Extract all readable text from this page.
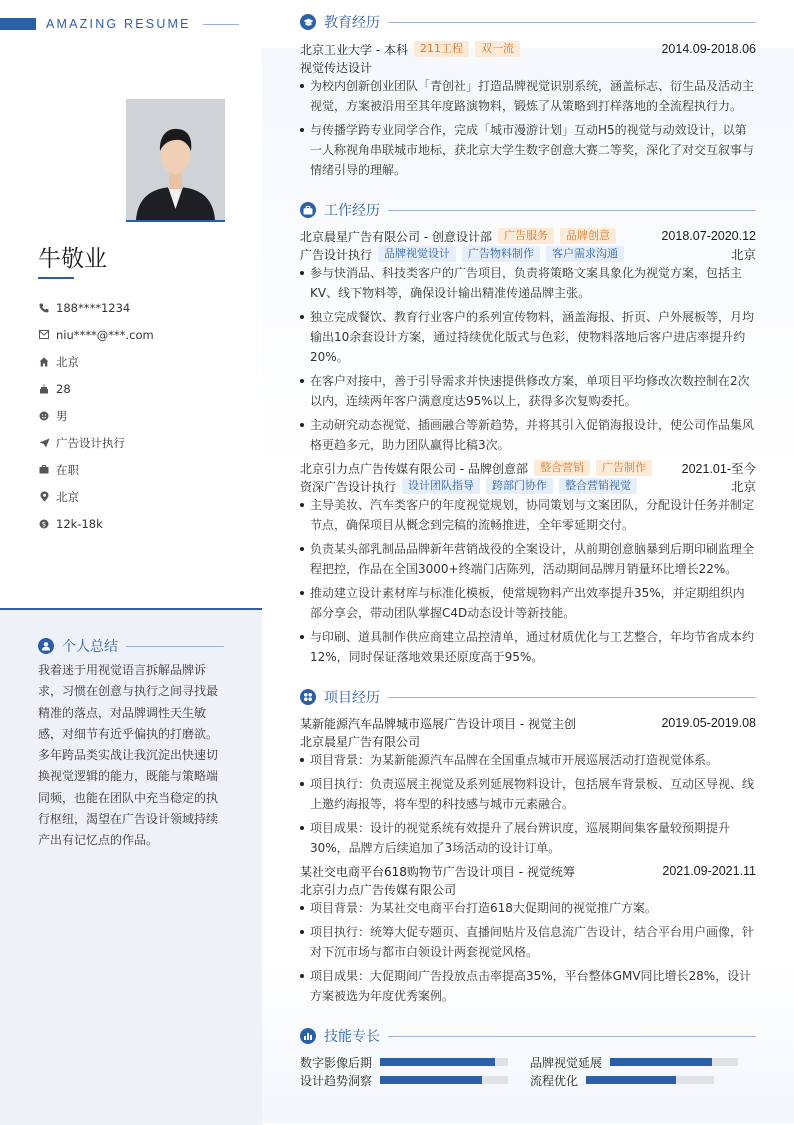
AMAZING RESUME
牛敬业
188****1234
niu****@***.com
北京
28
男
广告设计执行
在职
北京
$ 12k-18k
个人总结
我着迷于用视觉语言拆解品牌诉求，习惯在创意与执行之间寻找最精准的落点，对品牌调性天生敏感，对细节有近乎偏执的打磨欲。多年跨品类实战让我沉淀出快速切换视觉逻辑的能力，既能与策略端同频，也能在团队中充当稳定的执行枢纽，渴望在广告设计领域持续产出有记忆点的作品。
教育经历
北京工业大学 - 本科	211工程	双一流	2014.09-2018.06
视觉传达设计
为校内创新创业团队「青创社」打造品牌视觉识别系统，涵盖标志、衍生品及活动主视觉，方案被沿用至其年度路演物料，锻炼了从策略到打样落地的全流程执行力。
与传播学跨专业同学合作，完成「城市漫游计划」互动H5的视觉与动效设计，以第一人称视角串联城市地标，获北京大学生数字创意大赛二等奖，深化了对交互叙事与情绪引导的理解。
工作经历
北京晨星广告有限公司 - 创意设计部	广告服务	品牌创意	2018.07-2020.12
广告设计执行	品牌视觉设计	广告物料制作	客户需求沟通	北京
参与快消品、科技类客户的广告项目，负责将策略文案具象化为视觉方案，包括主KV、线下物料等，确保设计输出精准传递品牌主张。
独立完成餐饮、教育行业客户的系列宣传物料，涵盖海报、折页、户外展板等，月均输出10余套设计方案，通过持续优化版式与色彩，使物料落地后客户进店率提升约20%。
在客户对接中，善于引导需求并快速提供修改方案，单项目平均修改次数控制在2次以内，连续两年客户满意度达95%以上，获得多次复购委托。
主动研究动态视觉、插画融合等新趋势，并将其引入促销海报设计，使公司作品集风格更趋多元，助力团队赢得比稿3次。
北京引力点广告传媒有限公司 - 品牌创意部	整合营销	广告制作	2021.01-至今
资深广告设计执行	设计团队指导	跨部门协作	整合营销视觉	北京
主导美妆、汽车类客户的年度视觉规划，协同策划与文案团队，分配设计任务并制定节点，确保项目从概念到完稿的流畅推进，全年零延期交付。
负责某头部乳制品品牌新年营销战役的全案设计，从前期创意脑暴到后期印刷监理全程把控，作品在全国3000+终端门店陈列，活动期间品牌月销量环比增长22%。
推动建立设计素材库与标准化模板，使常规物料产出效率提升35%，并定期组织内部分享会，带动团队掌握C4D动态设计等新技能。
与印刷、道具制作供应商建立品控清单，通过材质优化与工艺整合，年均节省成本约12%，同时保证落地效果还原度高于95%。
项目经历
某新能源汽车品牌城市巡展广告设计项目 - 视觉主创	2019.05-2019.08
北京晨星广告有限公司
项目背景：为某新能源汽车品牌在全国重点城市开展巡展活动打造视觉体系。
项目执行：负责巡展主视觉及系列延展物料设计，包括展车背景板、互动区导视、线上邀约海报等，将车型的科技感与城市元素融合。
项目成果：设计的视觉系统有效提升了展台辨识度，巡展期间集客量较预期提升30%，品牌方后续追加了3场活动的设计订单。
某社交电商平台618购物节广告设计项目 - 视觉统筹	2021.09-2021.11
北京引力点广告传媒有限公司
项目背景：为某社交电商平台打造618大促期间的视觉推广方案。
项目执行：统筹大促专题页、直播间贴片及信息流广告设计，结合平台用户画像，针对下沉市场与都市白领设计两套视觉风格。
项目成果：大促期间广告投放点击率提高35%，平台整体GMV同比增长28%，设计方案被选为年度优秀案例。
技能专长
数字影像后期	品牌视觉延展
设计趋势洞察	流程优化
